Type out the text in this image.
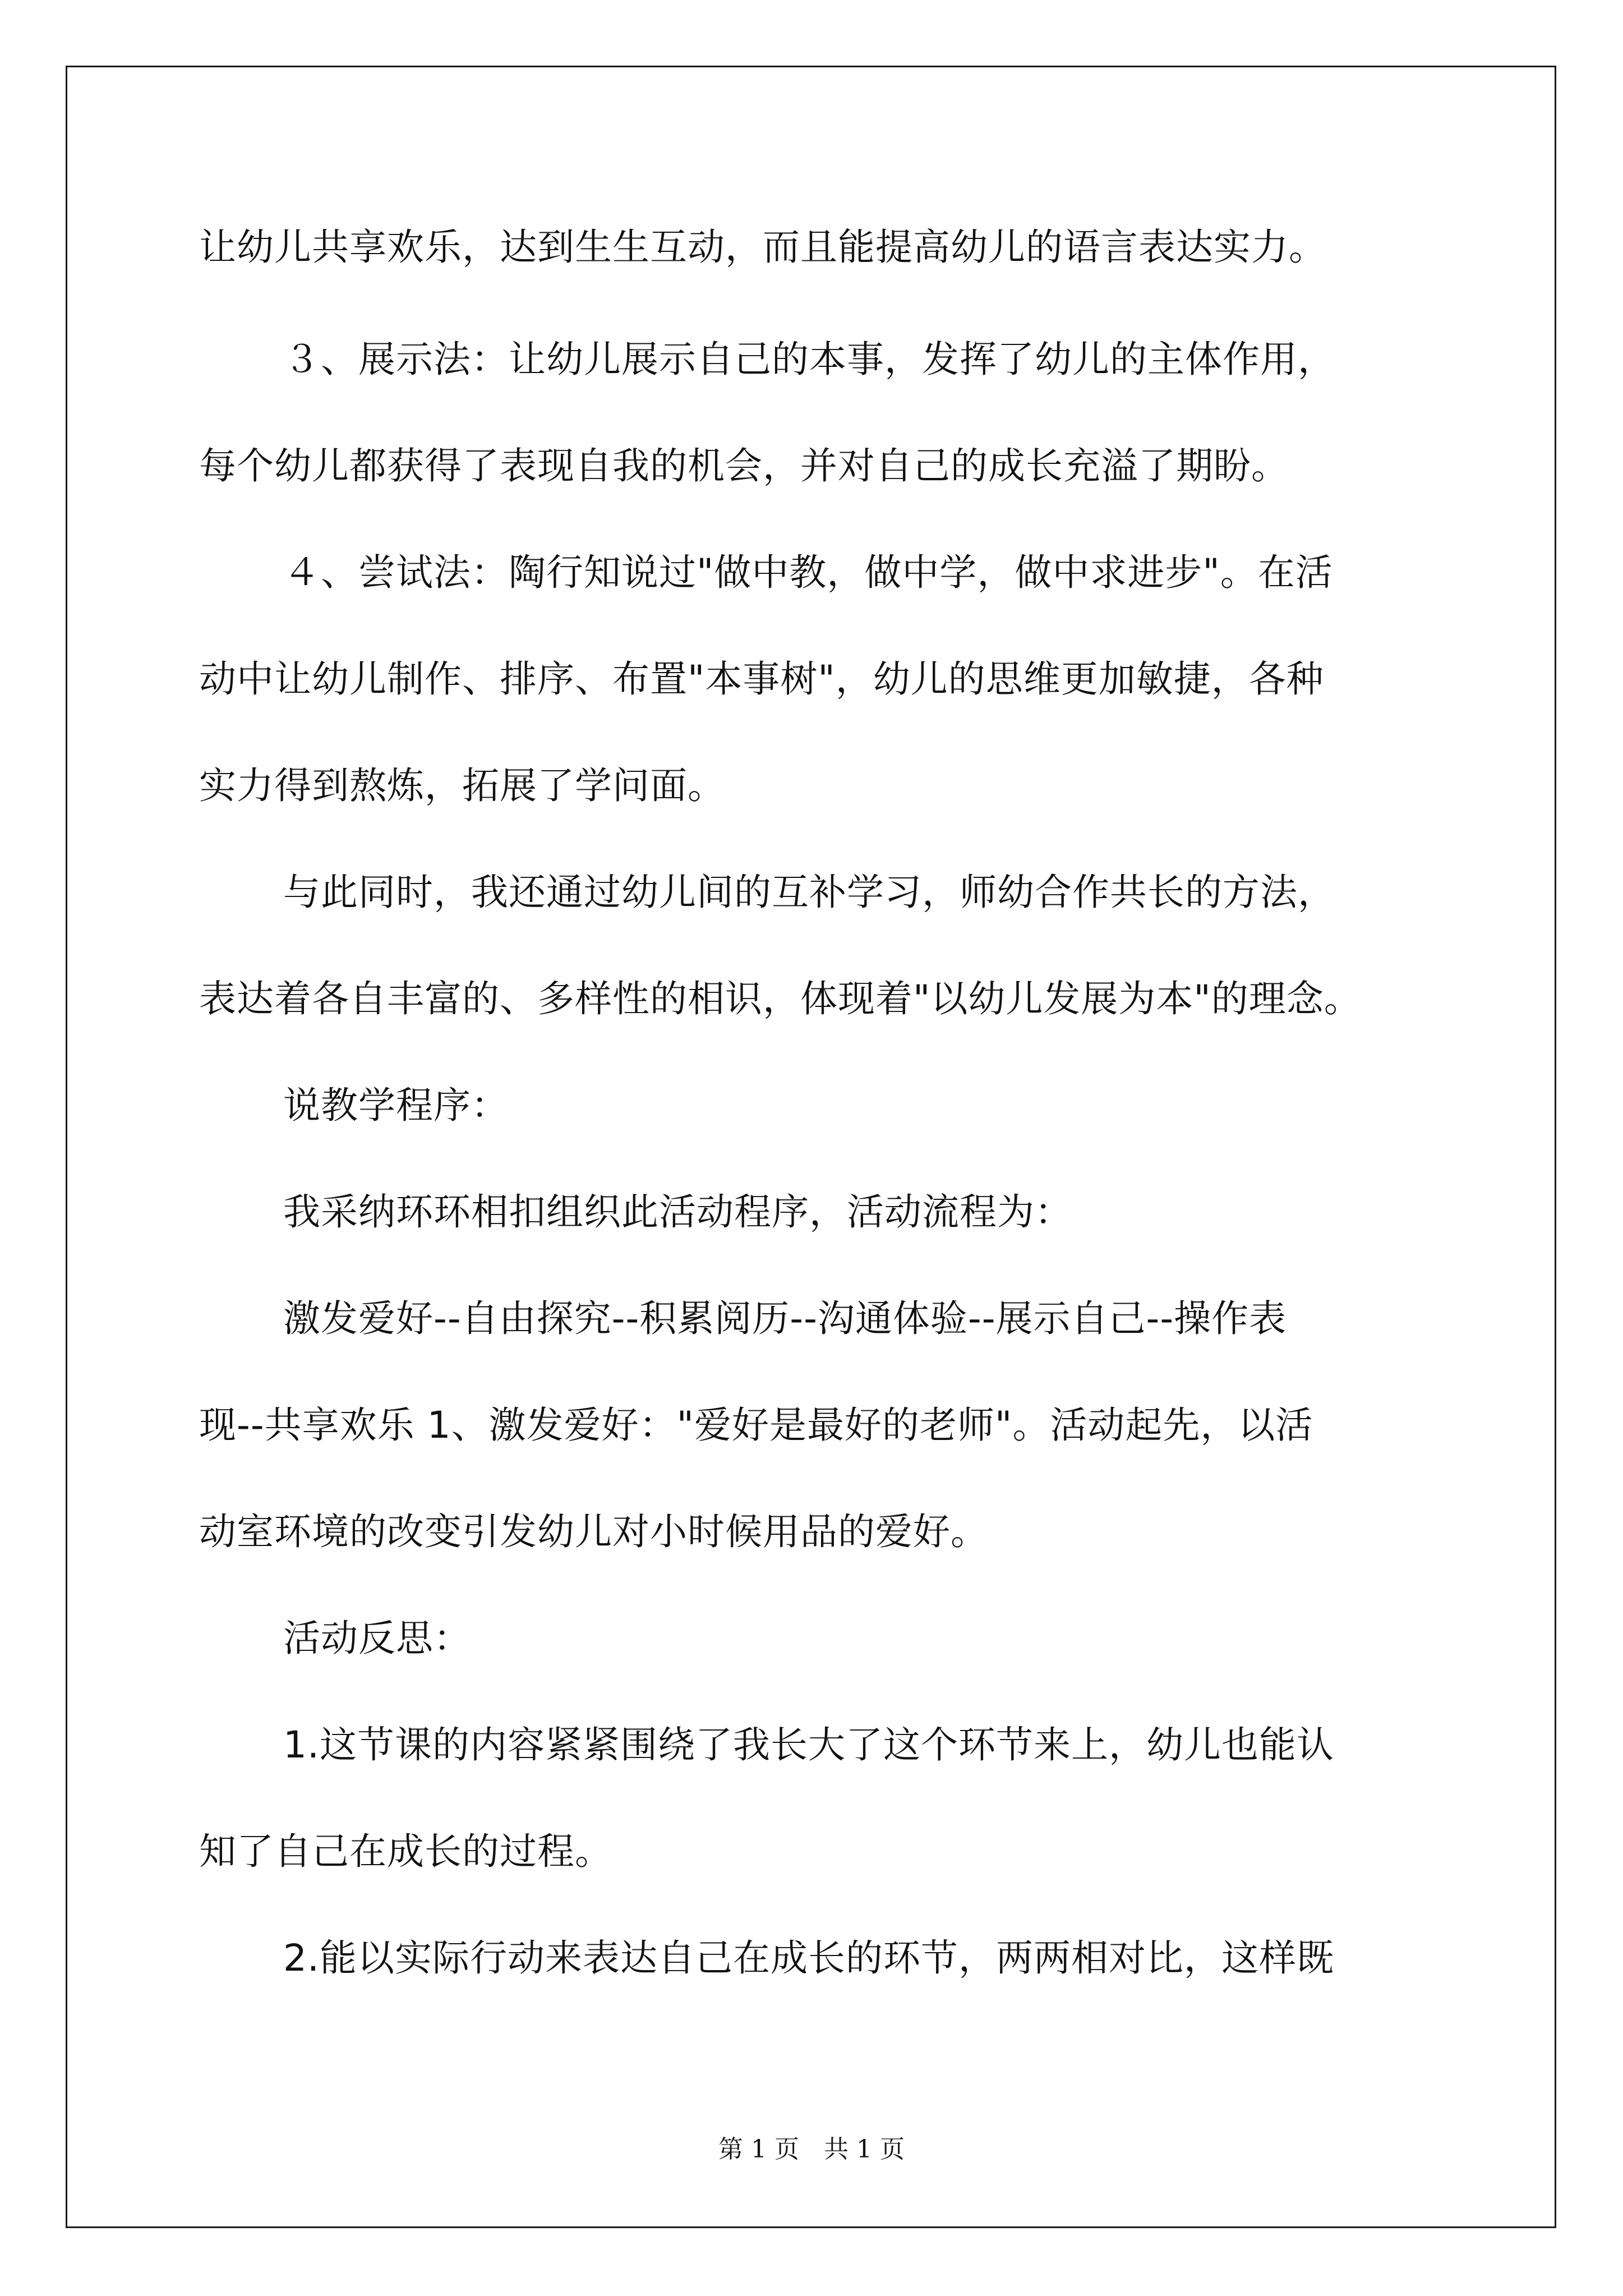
让幼儿共享欢乐，达到生生互动，而且能提高幼儿的语言表达实力。
３、展示法：让幼儿展示自己的本事，发挥了幼儿的主体作用，
每个幼儿都获得了表现自我的机会，并对自己的成长充溢了期盼。
４、尝试法：陶行知说过"做中教，做中学，做中求进步"。在活
动中让幼儿制作、排序、布置"本事树"，幼儿的思维更加敏捷，各种
实力得到熬炼，拓展了学问面。
与此同时，我还通过幼儿间的互补学习，师幼合作共长的方法，
表达着各自丰富的、多样性的相识，体现着"以幼儿发展为本"的理念。
说教学程序：
我采纳环环相扣组织此活动程序，活动流程为：
激发爱好--自由探究--积累阅历--沟通体验--展示自己--操作表
现--共享欢乐 1、激发爱好："爱好是最好的老师"。活动起先，以活
动室环境的改变引发幼儿对小时候用品的爱好。
活动反思：
1.这节课的内容紧紧围绕了我长大了这个环节来上，幼儿也能认
知了自己在成长的过程。
2.能以实际行动来表达自己在成长的环节，两两相对比，这样既
第 1 页　共 1 页
